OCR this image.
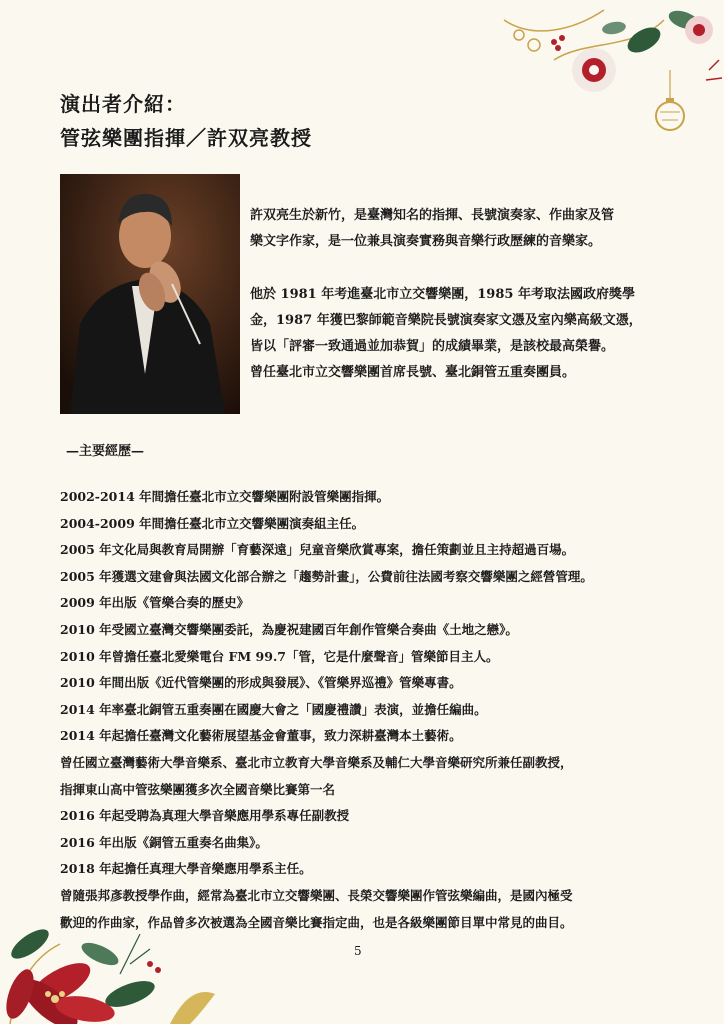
演出者介紹：
管弦樂團指揮／許双亮教授
許双亮生於新竹，是臺灣知名的指揮、長號演奏家、作曲家及管
樂文字作家，是一位兼具演奏實務與音樂行政歷練的音樂家。
他於 1981 年考進臺北市立交響樂團，1985 年考取法國政府獎學
金，1987 年獲巴黎師範音樂院長號演奏家文憑及室內樂高級文憑，
皆以「評審一致通過並加恭賀」的成績畢業，是該校最高榮譽。
曾任臺北市立交響樂團首席長號、臺北銅管五重奏團員。
—主要經歷—
2002-2014 年間擔任臺北市立交響樂團附設管樂團指揮。
2004-2009 年間擔任臺北市立交響樂團演奏組主任。
2005 年文化局與教育局開辦「育藝深遠」兒童音樂欣賞專案，擔任策劃並且主持超過百場。
2005 年獲選文建會與法國文化部合辦之「趨勢計畫」，公費前往法國考察交響樂團之經營管理。
2009 年出版《管樂合奏的歷史》
2010 年受國立臺灣交響樂團委託，為慶祝建國百年創作管樂合奏曲《土地之戀》。
2010 年曾擔任臺北愛樂電台 FM 99.7「管，它是什麼聲音」管樂節目主人。
2010 年間出版《近代管樂團的形成與發展》、《管樂界巡禮》管樂專書。
2014 年率臺北銅管五重奏團在國慶大會之「國慶禮讚」表演，並擔任編曲。
2014 年起擔任臺灣文化藝術展望基金會董事，致力深耕臺灣本土藝術。
曾任國立臺灣藝術大學音樂系、臺北市立教育大學音樂系及輔仁大學音樂研究所兼任副教授，
指揮東山高中管弦樂團獲多次全國音樂比賽第一名
2016 年起受聘為真理大學音樂應用學系專任副教授
2016 年出版《銅管五重奏名曲集》。
2018 年起擔任真理大學音樂應用學系主任。
曾隨張邦彥教授學作曲，經常為臺北市立交響樂團、長榮交響樂團作管弦樂編曲，是國內極受
歡迎的作曲家，作品曾多次被選為全國音樂比賽指定曲，也是各級樂團節目單中常見的曲目。
5
